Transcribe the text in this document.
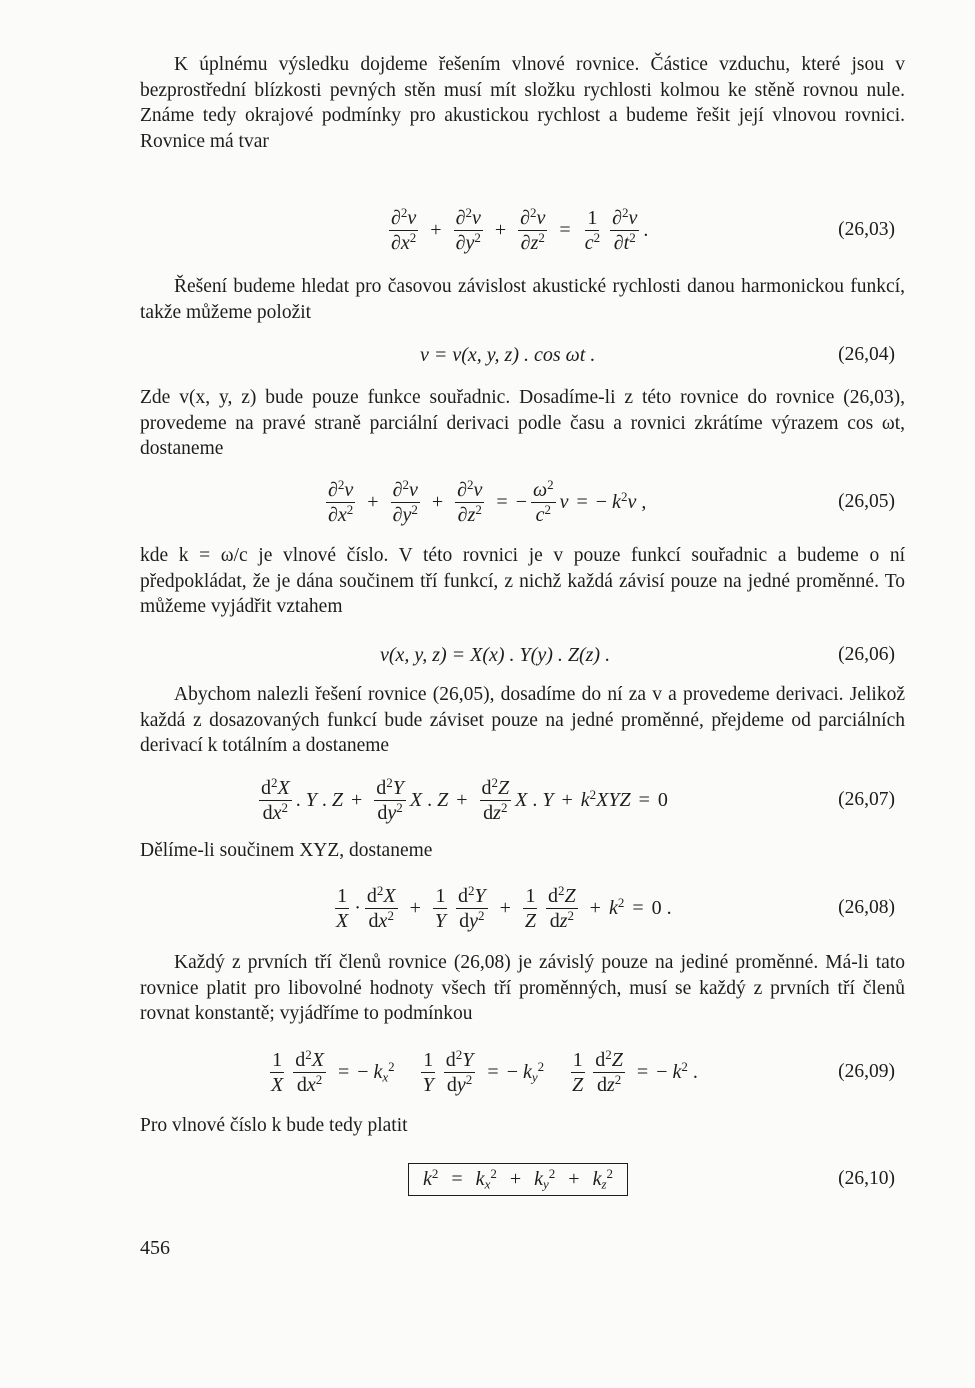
K úplnému výsledku dojdeme řešením vlnové rovnice. Částice vzduchu, které jsou v bezprostřední blízkosti pevných stěn musí mít složku rychlosti kolmou ke stěně rovnou nule. Známe tedy okrajové podmínky pro akustickou rychlost a budeme řešit její vlnovou rovnici. Rovnice má tvar

$\frac{\partial^2v}{\partial x^2} + \frac{\partial^2v}{\partial y^2} + \frac{\partial^2v}{\partial z^2} = \frac{1}{c^2} \frac{\partial^2v}{\partial t^2}$ .	(26,03)

Řešení budeme hledat pro časovou závislost akustické rychlosti danou harmonickou funkcí, takže můžeme položit

v = v(x, y, z) . cos ωt .	(26,04)

Zde v(x, y, z) bude pouze funkce souřadnic. Dosadíme-li z této rovnice do rovnice (26,03), provedeme na pravé straně parciální derivaci podle času a rovnici zkrátíme výrazem cos ωt, dostaneme

$\frac{\partial^2v}{\partial x^2} + \frac{\partial^2v}{\partial y^2} + \frac{\partial^2v}{\partial z^2}$ = − $\frac{\omega^2}{c^2}$ v = − $k^2v$ ,	(26,05)

kde k = ω/c je vlnové číslo. V této rovnici je v pouze funkcí souřadnic a budeme o ní předpokládat, že je dána součinem tří funkcí, z nichž každá závisí pouze na jedné proměnné. To můžeme vyjádřit vztahem

v(x, y, z) = X(x) . Y(y) . Z(z) .	(26,06)

Abychom nalezli řešení rovnice (26,05), dosadíme do ní za v a provedeme derivaci. Jelikož každá z dosazovaných funkcí bude záviset pouze na jedné proměnné, přejdeme od parciálních derivací k totálním a dostaneme

$\frac{d^2X}{dx^2}$ . Y . $Z + \frac{d^2Y}{dy^2}$ X . $Z + \frac{d^2Z}{dz^2}$ X . $Y + k^2XYZ = 0$	(26,07)

Dělíme-li součinem XYZ, dostaneme

$\frac{1}{X} \cdot \frac{d^2X}{dx^2} + \frac{1}{Y} \frac{d^2Y}{dy^2} + \frac{1}{Z} \frac{d^2Z}{dz^2} + k^2 = 0$ .	(26,08)

Každý z prvních tří členů rovnice (26,08) je závislý pouze na jediné proměnné. Má-li tato rovnice platit pro libovolné hodnoty všech tří proměnných, musí se každý z prvních tří členů rovnat konstantě; vyjádříme to podmínkou

$\frac{1}{X} \frac{d^2X}{dx^2}$ = − $k_x^2 \frac{1}{Y} \frac{d^2Y}{dy^2}$ = − $k_y^2 \frac{1}{Z} \frac{d^2Z}{dz^2}$ = − $k^2$ .	(26,09)

Pro vlnové číslo k bude tedy platit

$k^2 = k_x^2 + k_y^2 + k_z^2$	(26,10)
456
